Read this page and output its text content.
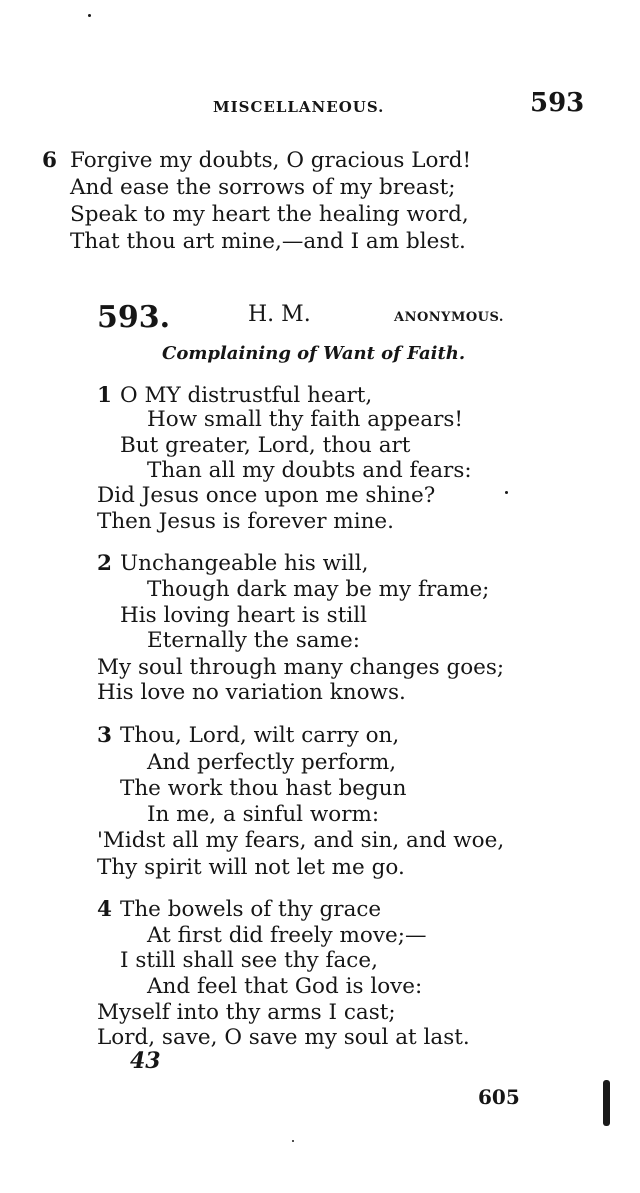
MISCELLANEOUS.	593
6 Forgive my doubts, O gracious Lord!
And ease the sorrows of my breast;
Speak to my heart the healing word,
That thou art mine,—and I am blest.
593.	H. M.	ANONYMOUS.
Complaining of Want of Faith.
1 O MY distrustful heart,
How small thy faith appears!
But greater, Lord, thou art
Than all my doubts and fears:
Did Jesus once upon me shine?
Then Jesus is forever mine.
2 Unchangeable his will,
Though dark may be my frame;
His loving heart is still
Eternally the same:
My soul through many changes goes;
His love no variation knows.
3 Thou, Lord, wilt carry on,
And perfectly perform,
The work thou hast begun
In me, a sinful worm:
'Midst all my fears, and sin, and woe,
Thy spirit will not let me go.
4 The bowels of thy grace
At first did freely move;—
I still shall see thy face,
And feel that God is love:
Myself into thy arms I cast;
Lord, save, O save my soul at last.
43
605
